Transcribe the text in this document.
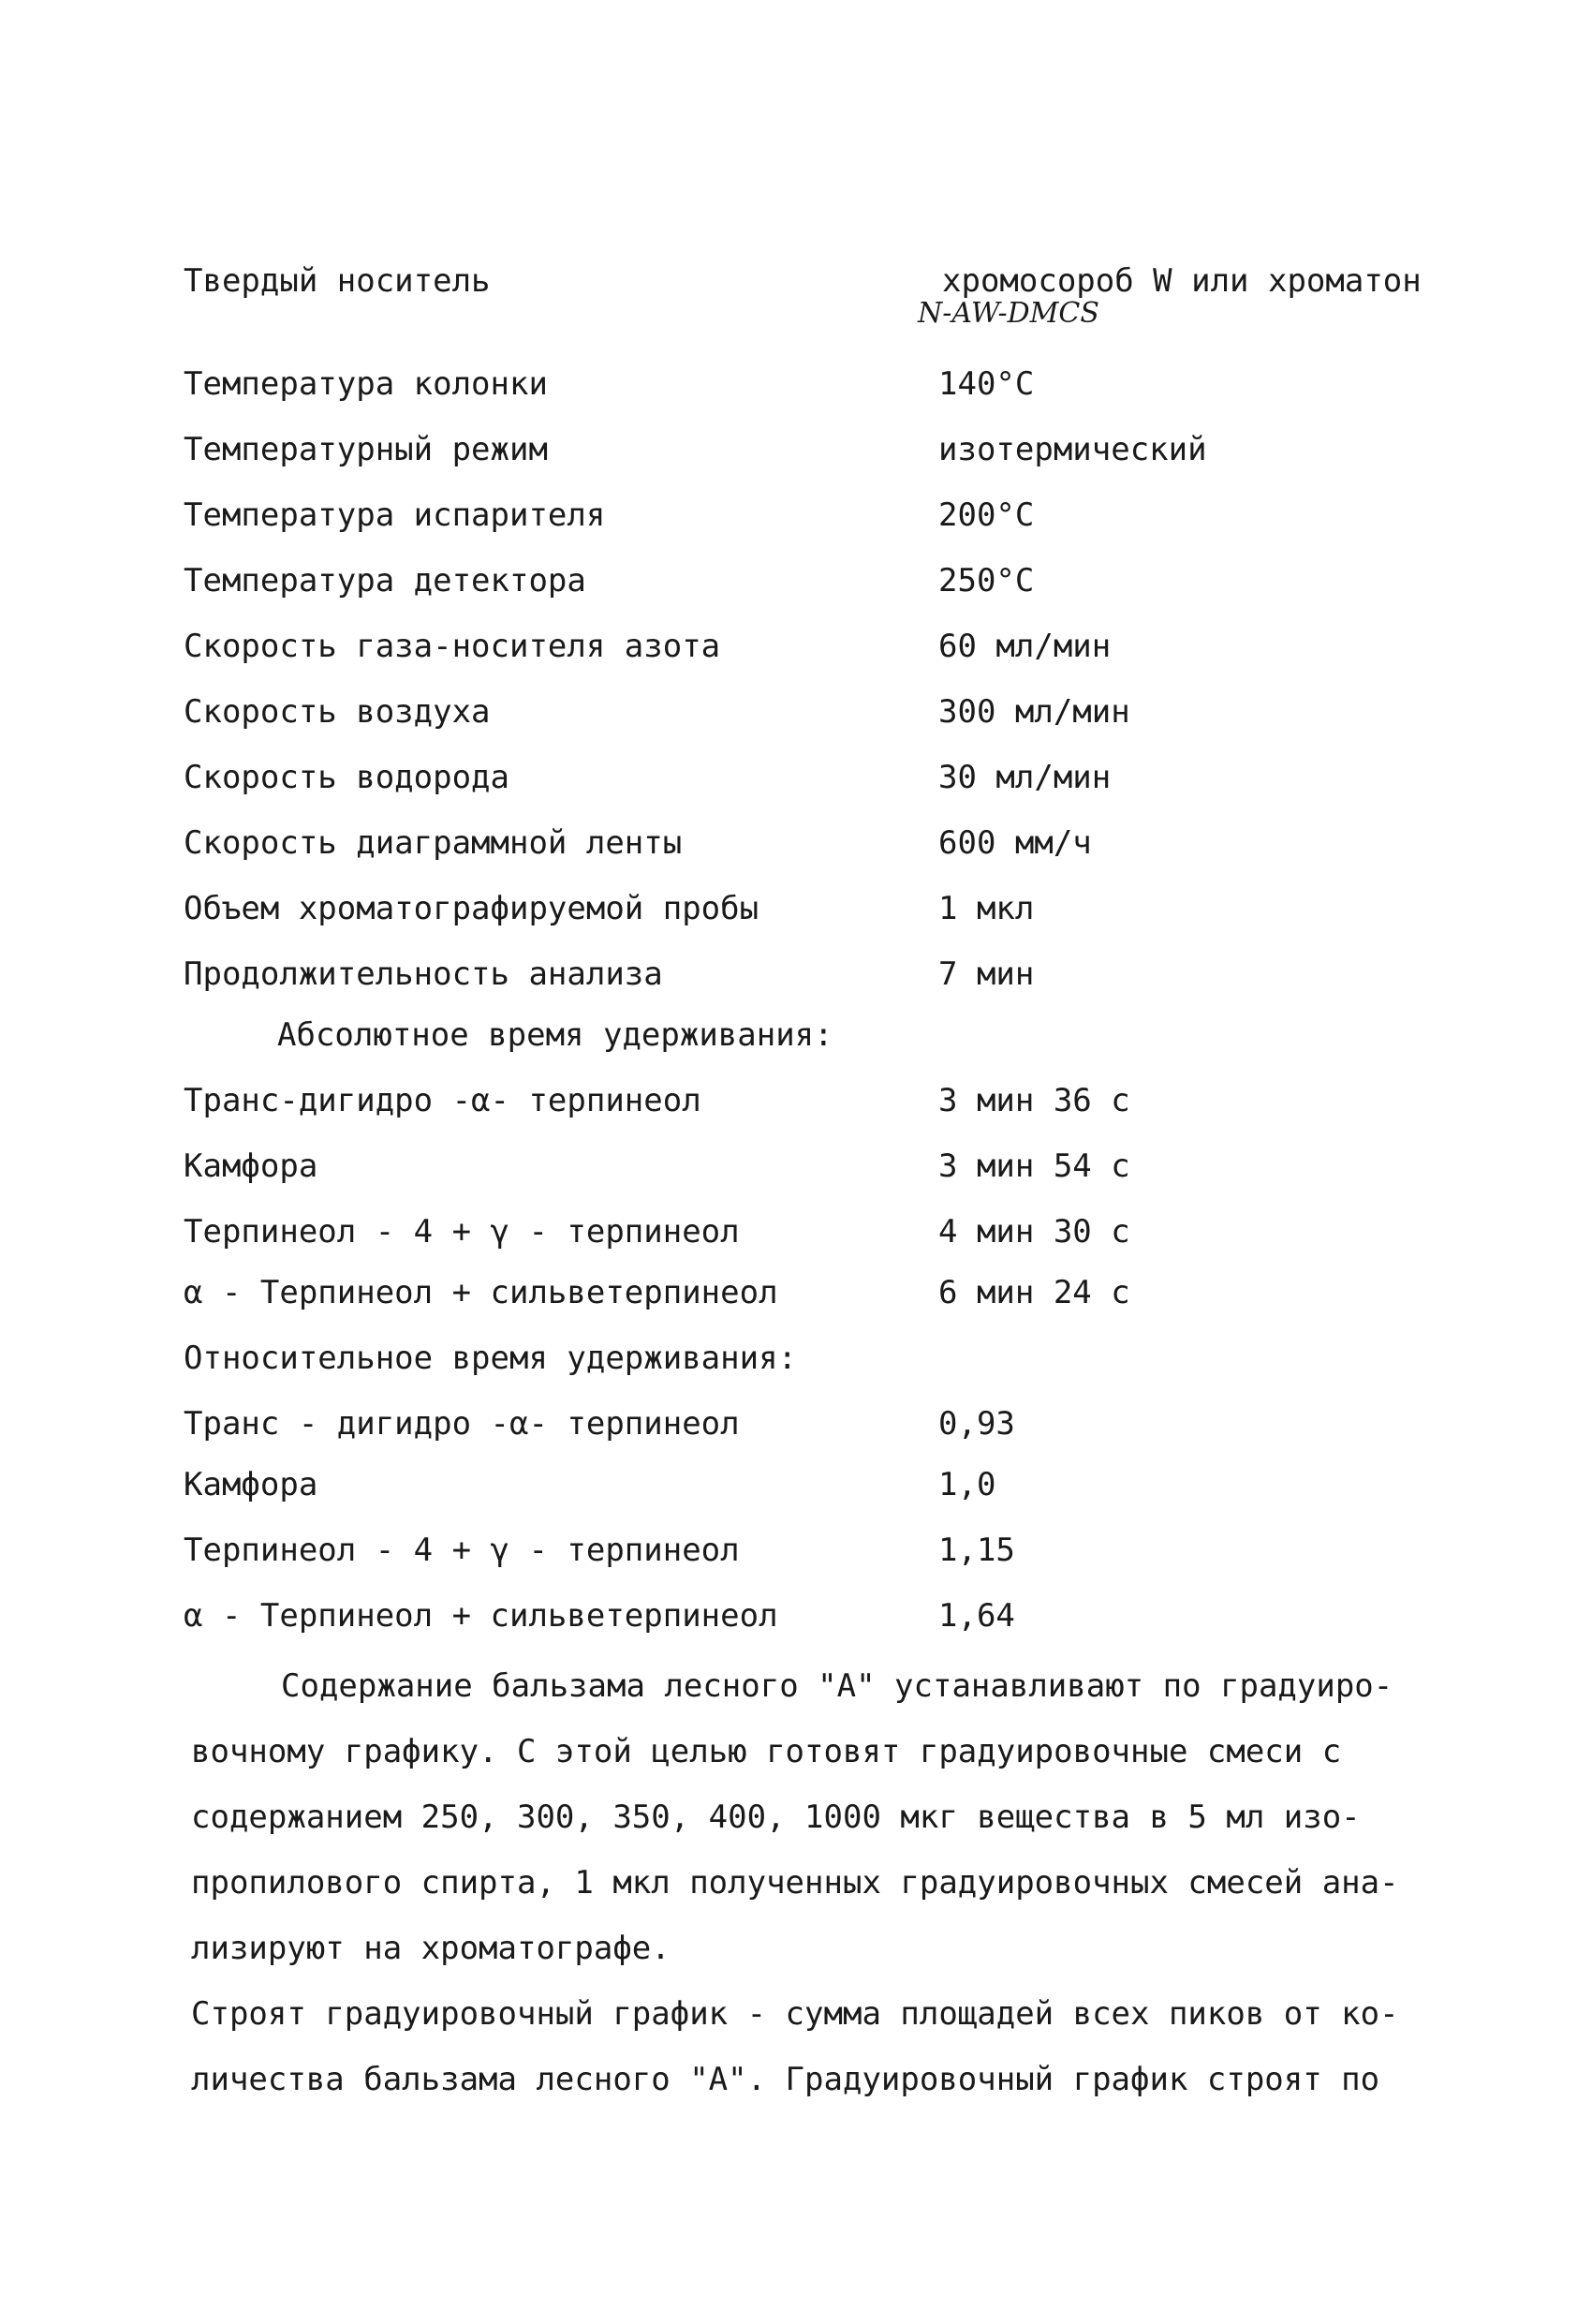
Твердый носитель	хромосороб W или хроматон
N-AW-DMCS
Температура колонки	140°С
Температурный режим	изотермический
Температура испарителя	200°С
Температура детектора	250°С
Скорость газа-носителя азота	60 мл/мин
Скорость воздуха	300 мл/мин
Скорость водорода	30 мл/мин
Скорость диаграммной ленты	600 мм/ч
Объем хроматографируемой пробы	1 мкл
Продолжительность анализа	7 мин
Абсолютное время удерживания:
Транс-дигидро -α- терпинеол	3 мин 36 с
Камфора	3 мин 54 с
Терпинеол - 4 + γ - терпинеол	4 мин 30 с
α - Терпинеол + сильветерпинеол	6 мин 24 с
Относительное время удерживания:
Транс - дигидро -α- терпинеол	0,93
Камфора	1,0
Терпинеол - 4 + γ - терпинеол	1,15
α - Терпинеол + сильветерпинеол	1,64
Содержание бальзама лесного "А" устанавливают по градуиро-
вочному графику. С этой целью готовят градуировочные смеси с
содержанием 250, 300, 350, 400, 1000 мкг вещества в 5 мл изо-
пропилового спирта, 1 мкл полученных градуировочных смесей ана-
лизируют на хроматографе.
Строят градуировочный график - сумма площадей всех пиков от ко-
личества бальзама лесного "А". Градуировочный график строят по
